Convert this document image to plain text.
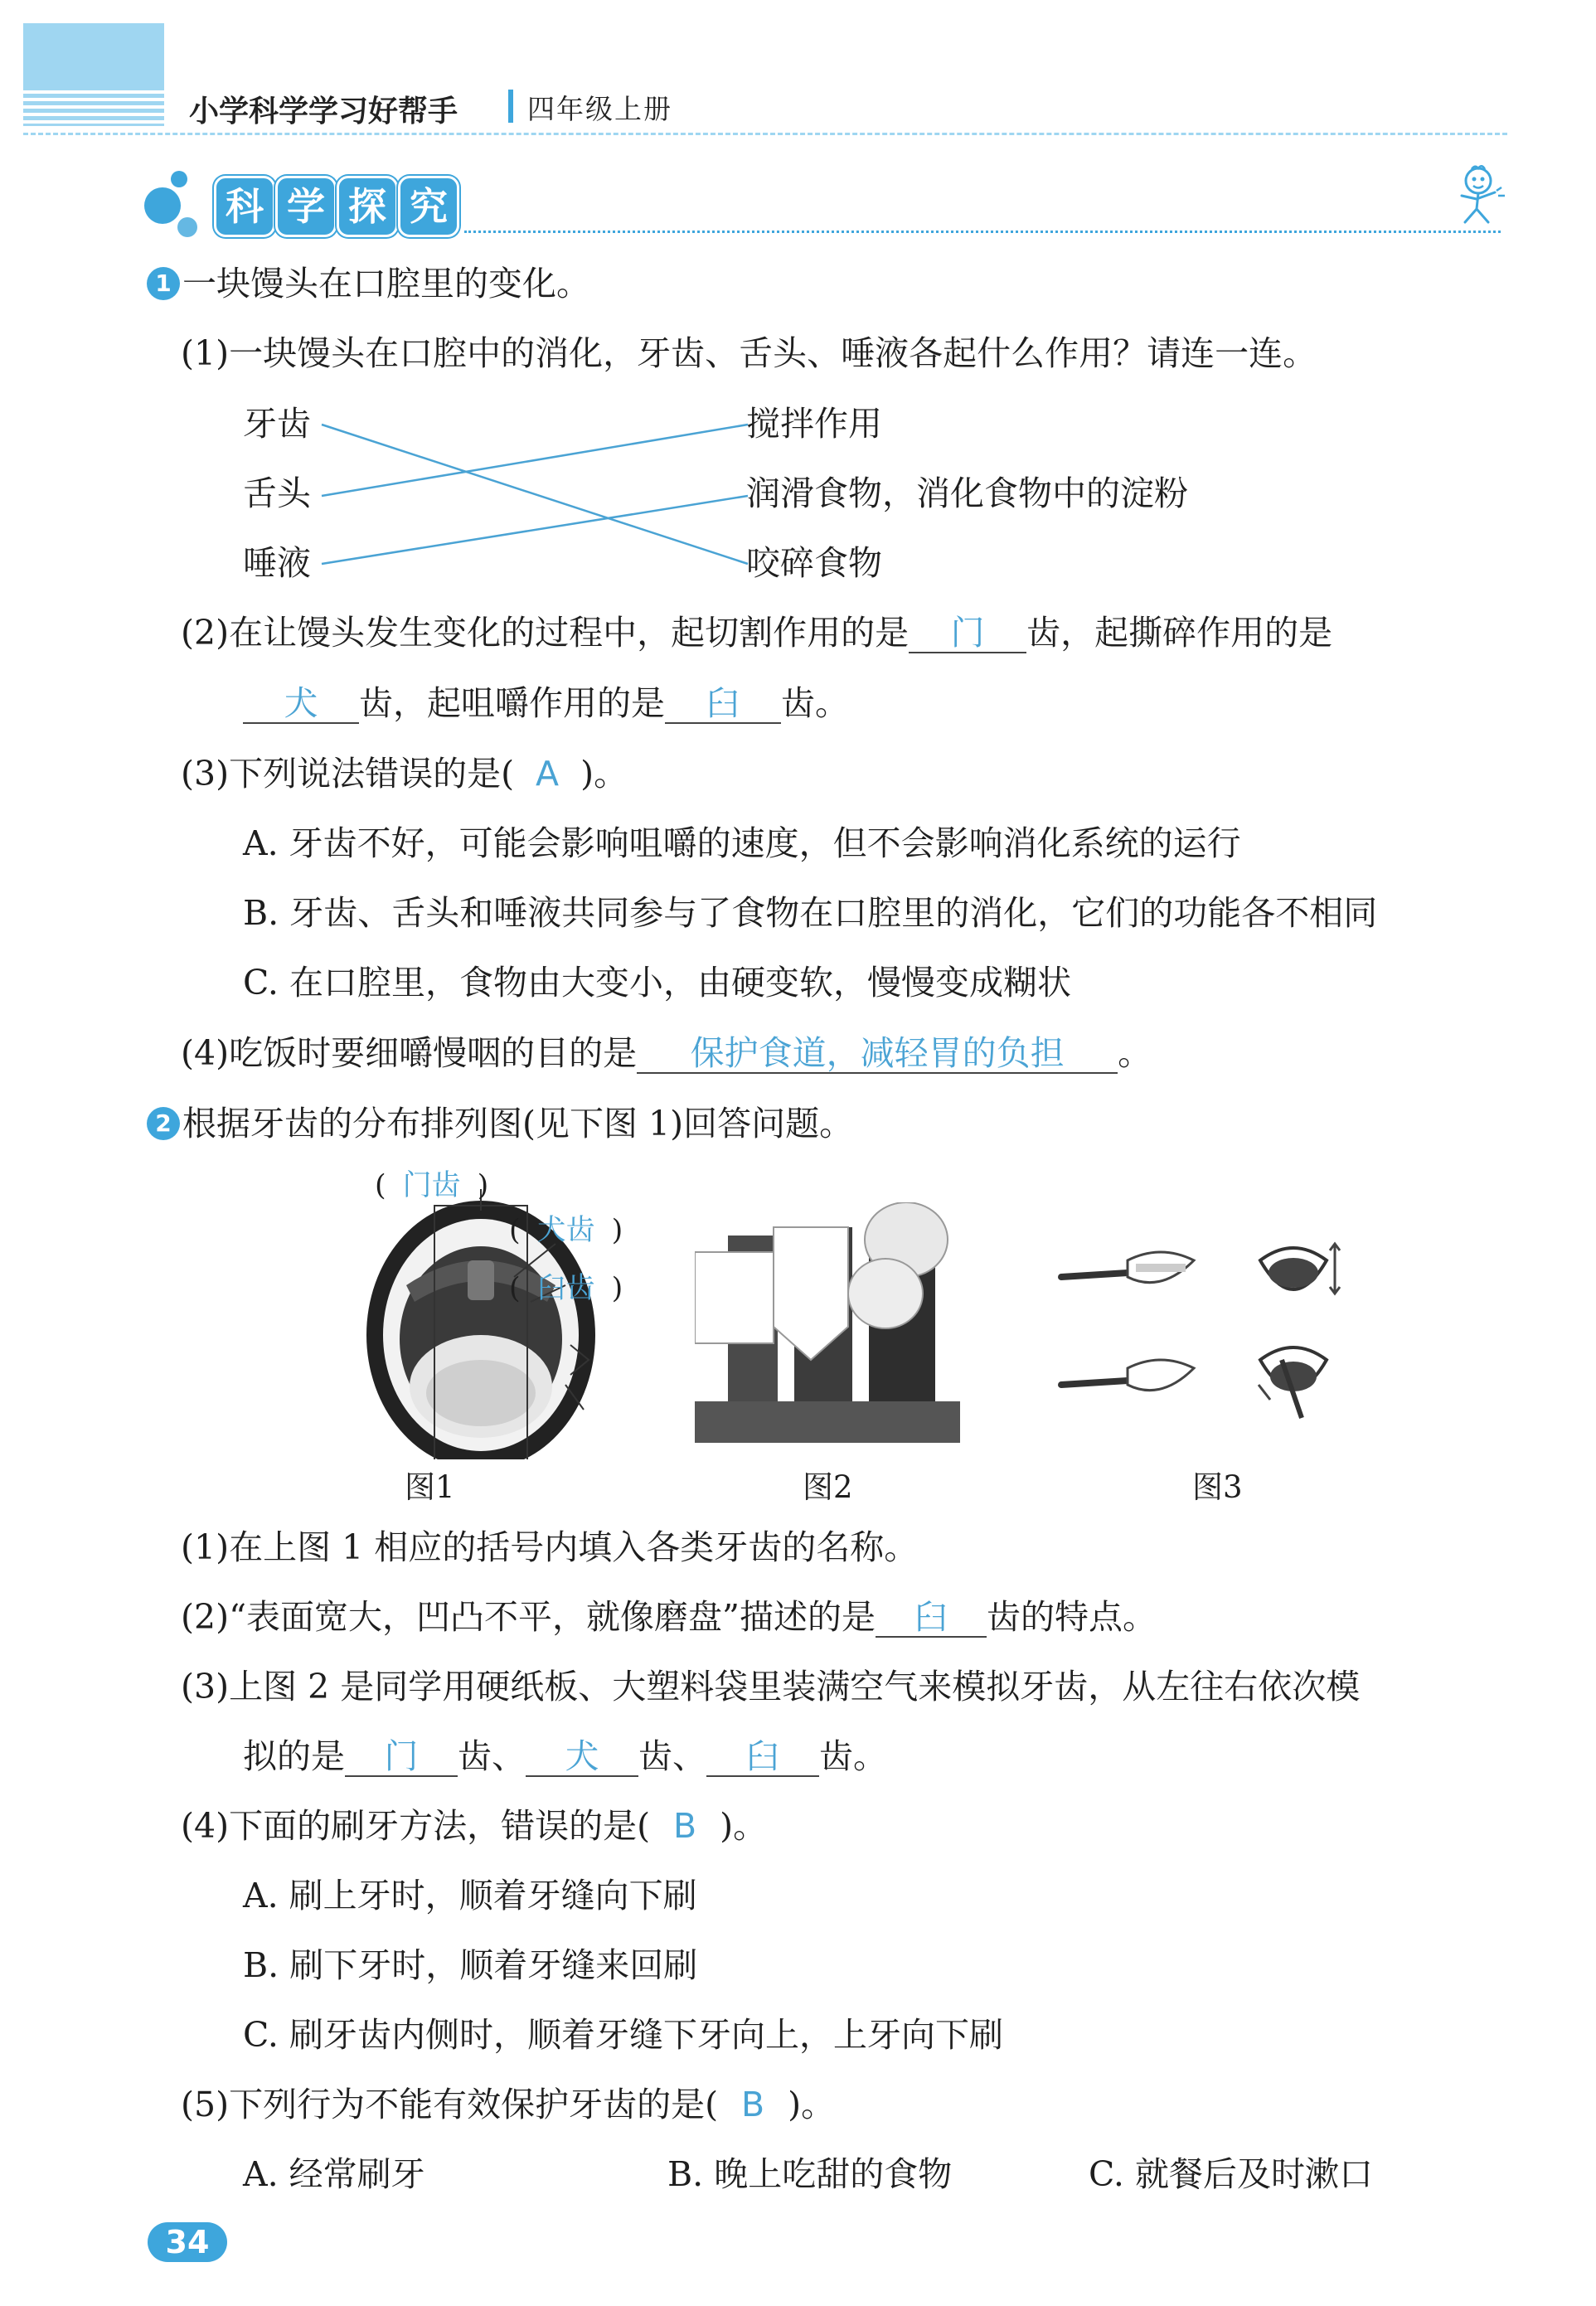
小学科学学习好帮手	四年级上册
科 学 探 究
1 一块馒头在口腔里的变化。
(1)一块馒头在口腔中的消化，牙齿、舌头、唾液各起什么作用？请连一连。
牙齿
舌头
唾液
搅拌作用
润滑食物，消化食物中的淀粉
咬碎食物
(2)在让馒头发生变化的过程中，起切割作用的是 门 齿，起撕碎作用的是
犬 齿，起咀嚼作用的是 臼 齿。
(3)下列说法错误的是( A )。
A. 牙齿不好，可能会影响咀嚼的速度，但不会影响消化系统的运行
B. 牙齿、舌头和唾液共同参与了食物在口腔里的消化，它们的功能各不相同
C. 在口腔里，食物由大变小，由硬变软，慢慢变成糊状
(4)吃饭时要细嚼慢咽的目的是 保护食道，减轻胃的负担 。
2 根据牙齿的分布排列图(见下图 1)回答问题。
( 门齿 )
( 犬齿 )
( 臼齿 )
图1	图2	图3
(1)在上图 1 相应的括号内填入各类牙齿的名称。
(2)“表面宽大，凹凸不平，就像磨盘”描述的是 臼 齿的特点。
(3)上图 2 是同学用硬纸板、大塑料袋里装满空气来模拟牙齿，从左往右依次模
拟的是 门 齿、 犬 齿、 臼 齿。
(4)下面的刷牙方法，错误的是( B )。
A. 刷上牙时，顺着牙缝向下刷
B. 刷下牙时，顺着牙缝来回刷
C. 刷牙齿内侧时，顺着牙缝下牙向上，上牙向下刷
(5)下列行为不能有效保护牙齿的是( B )。
A. 经常刷牙	B. 晚上吃甜的食物	C. 就餐后及时漱口
34
